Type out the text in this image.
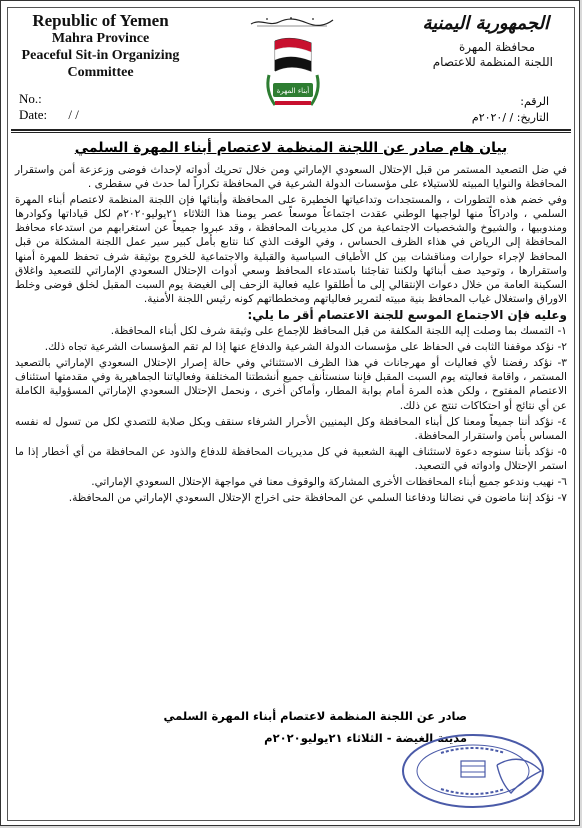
Republic of Yemen
Mahra Province
Peaceful Sit-in Organizing
Committee
No.:
Date: / /
أبناء المهرة
الجمهورية اليمنية
محافظة المهرة
اللجنة المنظمة للاعتصام
الرقم:
التاريخ: / /٢٠٢٠م
بيان هام صادر عن اللجنة المنظمة لاعتصام أبناء المهرة السلمي

في ضل التصعيد المستمر من قبل الإحتلال السعودي الإماراتي ومن خلال تحريك أدواته لإحداث فوضى وزعزعة أمن واستقرار المحافظة والنوايا المبيته للاستيلاء على مؤسسات الدولة الشرعية في المحافظة تكراراً لما حدث في سقطرى .

وفي خضم هذه التطورات ، والمستجدات وتداعياتها الخطيرة على المحافظة وأبنائها فإن اللجنة المنظمة لاعتصام أبناء المهرة السلمي ، وادراكاً منها لواجبها الوطني عقدت اجتماعاً موسعاً عصر يومنا هذا الثلاثاء ٢١يوليو٢٠٢٠م لكل قياداتها وكوادرها ومندوبيها ، والشيوخ والشخصيات الاجتماعية من كل مديريات المحافظة ، وقد عبروا جميعاً عن استغرابهم من استدعاء محافظ المحافظة إلى الرياض في هذاء الظرف الحساس ، وفي الوقت الذي كنا نتابع بأمل كبير سير عمل اللجنة المشكلة من قبل المحافظ لإجراء حوارات ومناقشات بين كل الأطياف السياسية والقبلية والاجتماعية للخروج بوثيقة شرف تحفظ للمهرة أمنها واستقرارها ، وتوحيد صف أبنائها ولكننا تفاجئنا باستدعاء المحافظ وسعي أدوات الإحتلال السعودي الإماراتي للتصعيد واغلاق السكينة العامة من خلال دعوات الإنتقالي إلى ما أطلقوا عليه فعالية الزحف إلى الغيضة يوم السبت المقبل لخلق فوضى وخلط الاوراق واستغلال غياب المحافظ بنية مبيته لتمرير فعالياتهم ومخططاتهم كونه رئيس اللجنة الأمنية.

وعليه فإن الاجتماع الموسع للجنة الاعتصام أقر ما يلي:
١- التمسك بما وصلت إليه اللجنة المكلفة من قبل المحافظ للإجماع على وثيقة شرف لكل أبناء المحافظة.
٢- نؤكد موقفنا الثابت في الحفاظ على مؤسسات الدولة الشرعية والدفاع عنها إذا لم تقم المؤسسات الشرعية تجاه ذلك.
٣- نؤكد رفضنا لأي فعاليات أو مهرجانات في هذا الظرف الاستثنائي وفي حالة إصرار الإحتلال السعودي الإماراتي بالتصعيد المستمر ، واقامة فعاليته يوم السبت المقبل فإننا سنستأنف جميع أنشطتنا المختلفة وفعالياتنا الجماهيرية وفي مقدمتها استئناف الاعتصام المفتوح ، ولكن هذه المرة أمام بوابة المطار، وأماكن أخرى ، ونحمل الإحتلال السعودي الإماراتي المسؤولية الكاملة عن أي نتائج أو احتكاكات تنتج عن ذلك.
٤- نؤكد أننا جميعاً ومعنا كل أبناء المحافظة وكل اليمنيين الأحرار الشرفاء سنقف وبكل صلابة للتصدي لكل من تسول له نفسه المساس بأمن واستقرار المحافظة.
٥- نؤكد بأننا سنوجه دعوة لاستئناف الهبة الشعبية في كل مديريات المحافظة للدفاع والذود عن المحافظة من أي أخطار إذا ما استمر الإحتلال وادواته في التصعيد.
٦- نهيب وندعو جميع أبناء المحافظات الأخرى المشاركة والوقوف معنا في مواجهة الإحتلال السعودي الإماراتي.
٧- نؤكد إننا ماضون في نضالنا ودفاعنا السلمي عن المحافظة حتى اخراج الإحتلال السعودي الإماراتي من المحافظة.
صادر عن اللجنة المنظمة لاعتصام أبناء المهرة السلمي
مدينة الغيضة - الثلاثاء ٢١يوليو٢٠٢٠م
